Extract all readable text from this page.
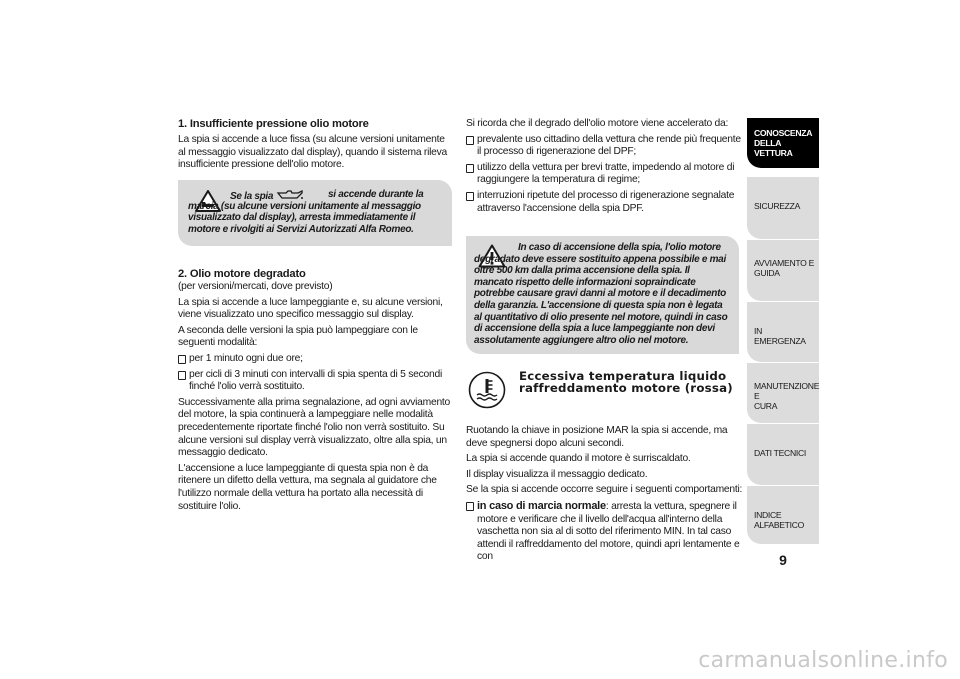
1. Insufficiente pressione olio motore

La spia si accende a luce fissa (su alcune versioni unitamente al messaggio visualizzato dal display), quando il sistema rileva insufficiente pressione dell'olio motore.

Se la spia	si accende durante la marcia (su alcune versioni unitamente al messaggio visualizzato dal display), arresta immediatamente il motore e rivolgiti ai Servizi Autorizzati Alfa Romeo.
2. Olio motore degradato

(per versioni/mercati, dove previsto)

La spia si accende a luce lampeggiante e, su alcune versioni, viene visualizzato uno specifico messaggio sul display.

A seconda delle versioni la spia può lampeggiare con le seguenti modalità:

per 1 minuto ogni due ore;
per cicli di 3 minuti con intervalli di spia spenta di 5 secondi finché l'olio verrà sostituito.

Successivamente alla prima segnalazione, ad ogni avviamento del motore, la spia continuerà a lampeggiare nelle modalità precedentemente riportate finché l'olio non verrà sostituito. Su alcune versioni sul display verrà visualizzato, oltre alla spia, un messaggio dedicato.

L'accensione a luce lampeggiante di questa spia non è da ritenere un difetto della vettura, ma segnala al guidatore che l'utilizzo normale della vettura ha portato alla necessità di sostituire l'olio.

Si ricorda che il degrado dell'olio motore viene accelerato da:

prevalente uso cittadino della vettura che rende più frequente il processo di rigenerazione del DPF;
utilizzo della vettura per brevi tratte, impedendo al motore di raggiungere la temperatura di regime;
interruzioni ripetute del processo di rigenerazione segnalate attraverso l'accensione della spia DPF.
In caso di accensione della spia, l'olio motore degradato deve essere sostituito appena possibile e mai oltre 500 km dalla prima accensione della spia. Il mancato rispetto delle informazioni sopraindicate potrebbe causare gravi danni al motore e il decadimento della garanzia. L'accensione di questa spia non è legata al quantitativo di olio presente nel motore, quindi in caso di accensione della spia a luce lampeggiante non devi assolutamente aggiungere altro olio nel motore.
Eccessiva temperatura liquido raffreddamento motore (rossa)

Ruotando la chiave in posizione MAR la spia si accende, ma deve spegnersi dopo alcuni secondi.

La spia si accende quando il motore è surriscaldato.

Il display visualizza il messaggio dedicato.

Se la spia si accende occorre seguire i seguenti comportamenti:

in caso di marcia normale: arresta la vettura, spegnere il motore e verificare che il livello dell'acqua all'interno della vaschetta non sia al di sotto del riferimento MIN. In tal caso attendi il raffreddamento del motore, quindi apri lentamente e con
CONOSCENZA
DELLA VETTURA
SICUREZZA
AVVIAMENTO E
GUIDA
IN EMERGENZA
MANUTENZIONE E
CURA
DATI TECNICI
INDICE ALFABETICO
9
carmanualsonline.info
